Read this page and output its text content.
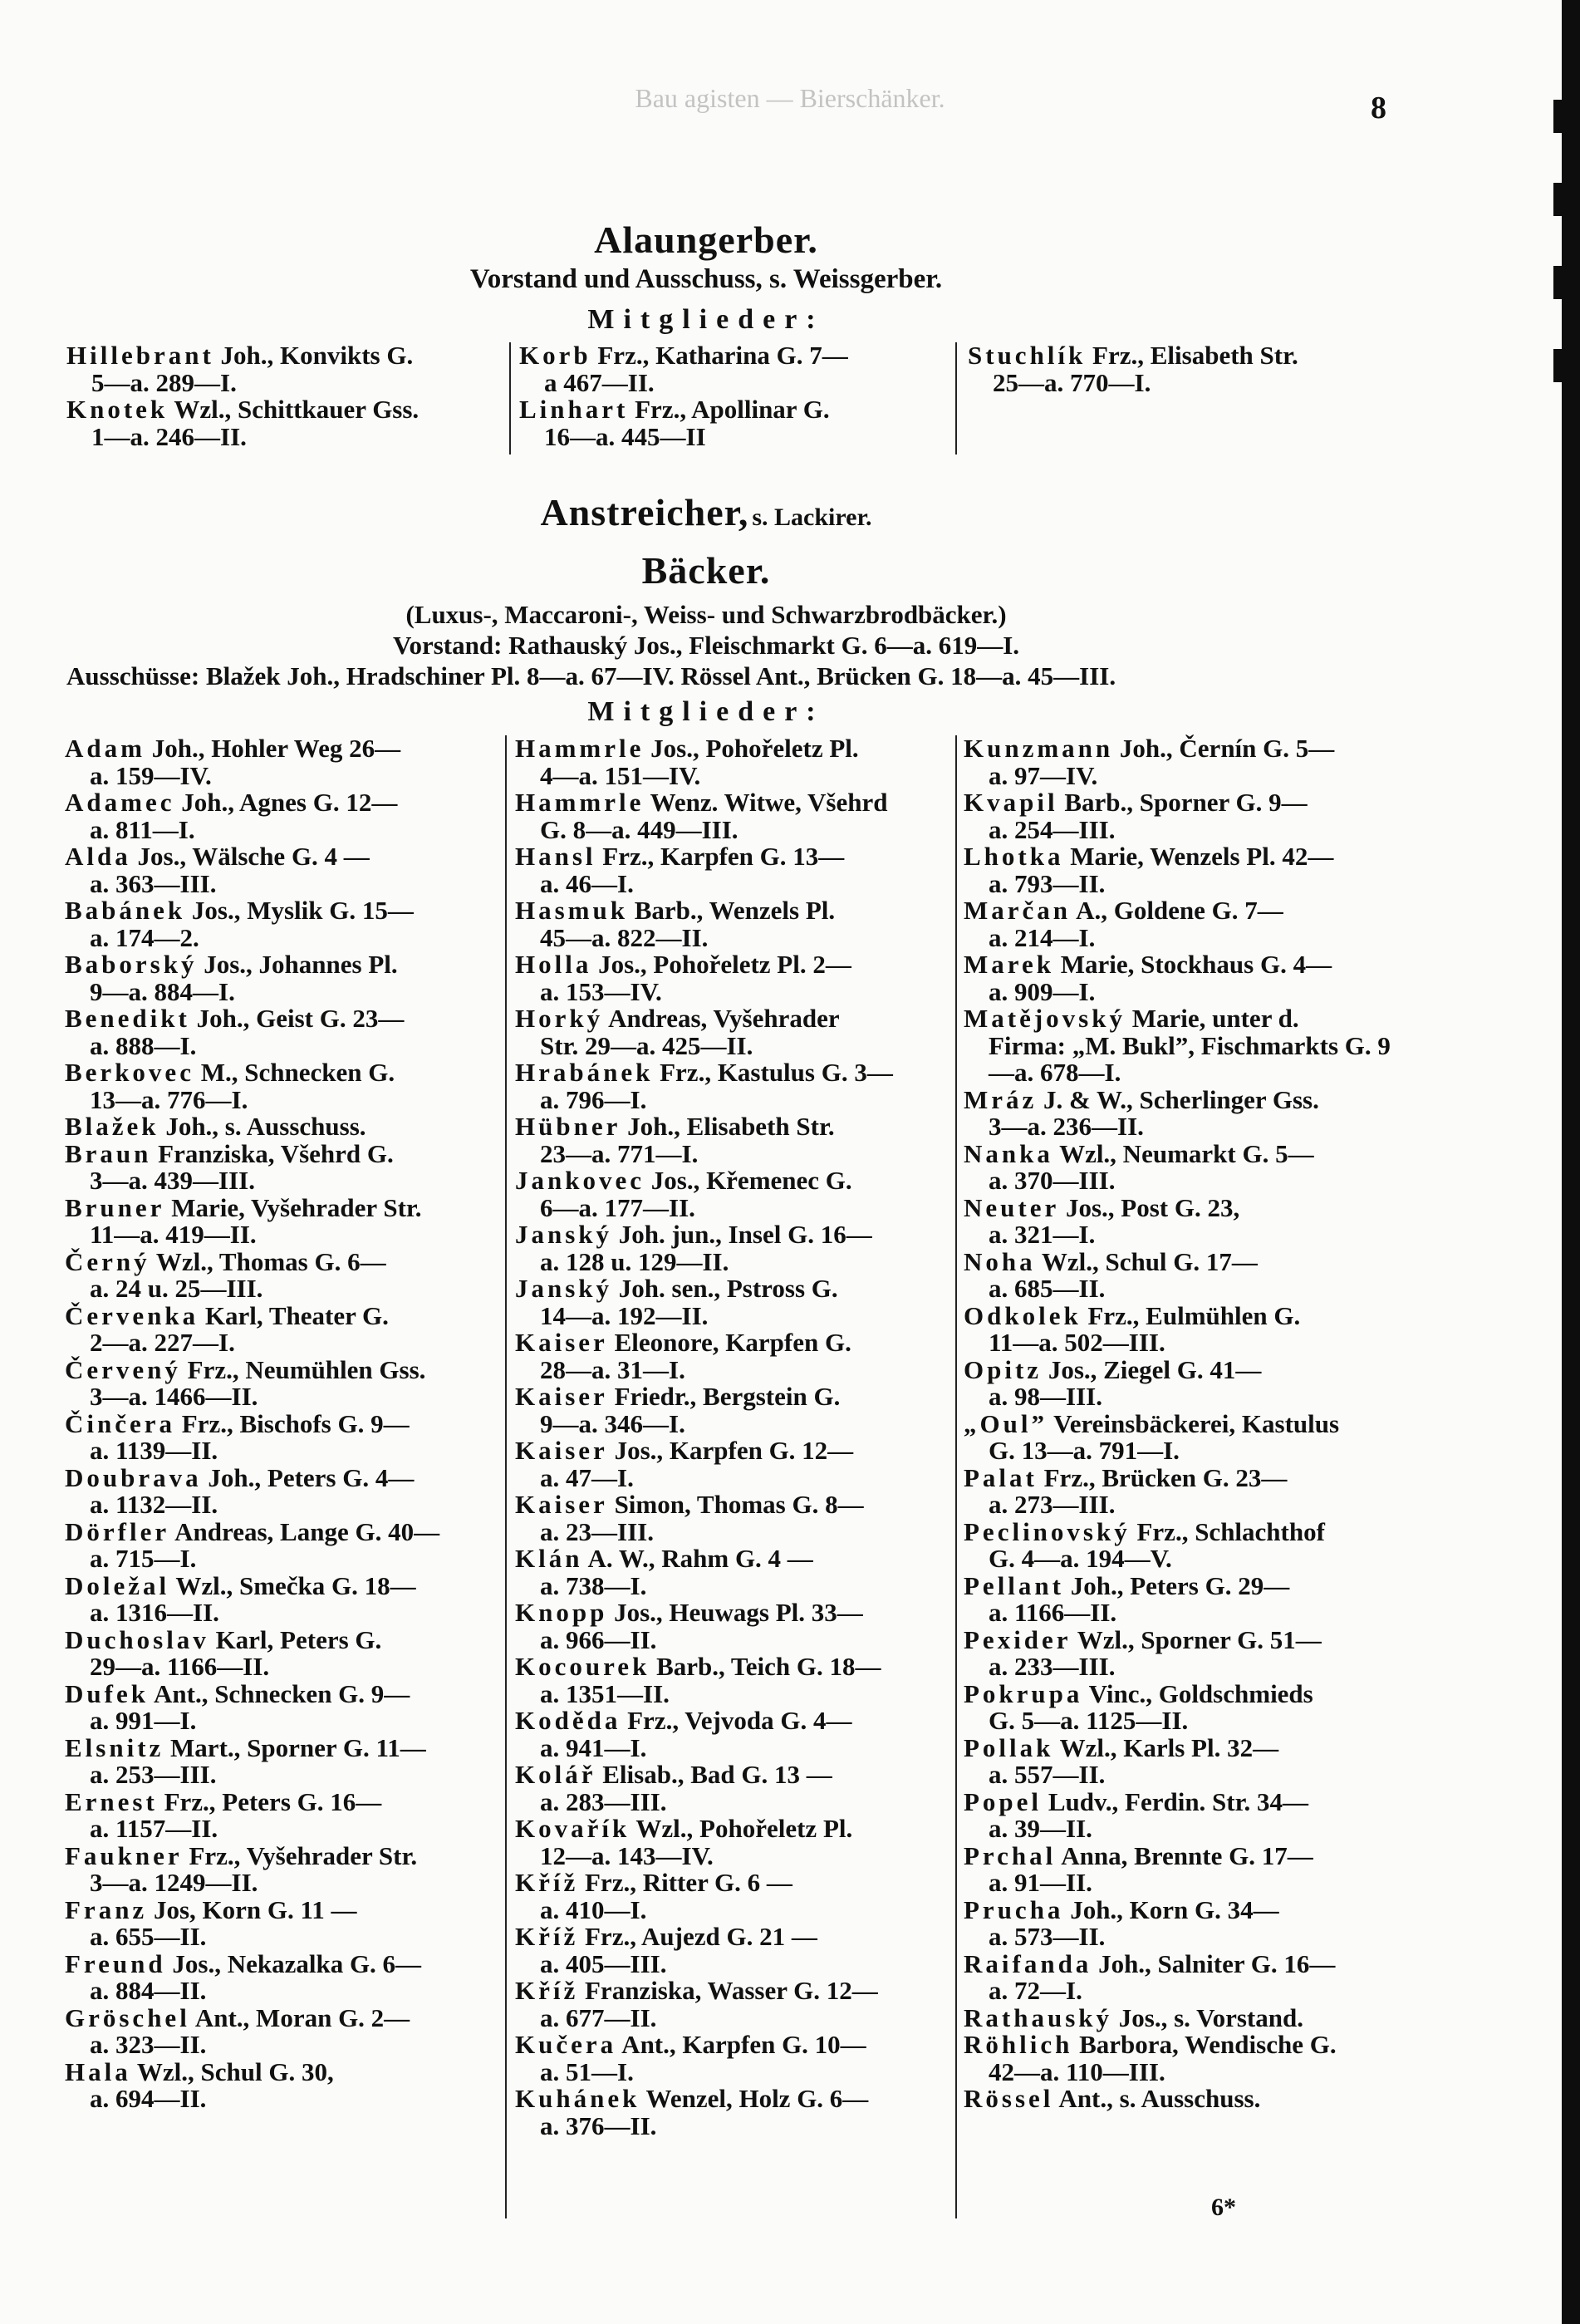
Bau agisten — Bierschänker.	8
Alaungerber.
Vorstand und Ausschuss, s. Weissgerber.
Mitglieder:

Hillebrant Joh., Konvikts G.

5—a. 289—I.

Knotek Wzl., Schittkauer Gss.

1—a. 246—II.

Korb Frz., Katharina G. 7—

a 467—II.

Linhart Frz., Apollinar G.

16—a. 445—II

Stuchlík Frz., Elisabeth Str.

25—a. 770—I.

Anstreicher, s. Lackirer.
Bäcker.
(Luxus-, Maccaroni-, Weiss- und Schwarzbrodbäcker.)
Vorstand: Rathauský Jos., Fleischmarkt G. 6—a. 619—I.
Ausschüsse: Blažek Joh., Hradschiner Pl. 8—a. 67—IV. Rössel Ant., Brücken G. 18—a. 45—III.
Mitglieder:

Adam Joh., Hohler Weg 26—

a. 159—IV.

Adamec Joh., Agnes G. 12—

a. 811—I.

Alda Jos., Wälsche G. 4 —

a. 363—III.

Babánek Jos., Myslik G. 15—

a. 174—2.

Baborský Jos., Johannes Pl.

9—a. 884—I.

Benedikt Joh., Geist G. 23—

a. 888—I.

Berkovec M., Schnecken G.

13—a. 776—I.

Blažek Joh., s. Ausschuss.

Braun Franziska, Všehrd G.

3—a. 439—III.

Bruner Marie, Vyšehrader Str.

11—a. 419—II.

Černý Wzl., Thomas G. 6—

a. 24 u. 25—III.

Červenka Karl, Theater G.

2—a. 227—I.

Červený Frz., Neumühlen Gss.

3—a. 1466—II.

Činčera Frz., Bischofs G. 9—

a. 1139—II.

Doubrava Joh., Peters G. 4—

a. 1132—II.

Dörfler Andreas, Lange G. 40—

a. 715—I.

Doležal Wzl., Smečka G. 18—

a. 1316—II.

Duchoslav Karl, Peters G.

29—a. 1166—II.

Dufek Ant., Schnecken G. 9—

a. 991—I.

Elsnitz Mart., Sporner G. 11—

a. 253—III.

Ernest Frz., Peters G. 16—

a. 1157—II.

Faukner Frz., Vyšehrader Str.

3—a. 1249—II.

Franz Jos, Korn G. 11 —

a. 655—II.

Freund Jos., Nekazalka G. 6—

a. 884—II.

Gröschel Ant., Moran G. 2—

a. 323—II.

Hala Wzl., Schul G. 30,

a. 694—II.

Hammrle Jos., Pohořeletz Pl.

4—a. 151—IV.

Hammrle Wenz. Witwe, Všehrd

G. 8—a. 449—III.

Hansl Frz., Karpfen G. 13—

a. 46—I.

Hasmuk Barb., Wenzels Pl.

45—a. 822—II.

Holla Jos., Pohořeletz Pl. 2—

a. 153—IV.

Horký Andreas, Vyšehrader

Str. 29—a. 425—II.

Hrabánek Frz., Kastulus G. 3—

a. 796—I.

Hübner Joh., Elisabeth Str.

23—a. 771—I.

Jankovec Jos., Křemenec G.

6—a. 177—II.

Janský Joh. jun., Insel G. 16—

a. 128 u. 129—II.

Janský Joh. sen., Pstross G.

14—a. 192—II.

Kaiser Eleonore, Karpfen G.

28—a. 31—I.

Kaiser Friedr., Bergstein G.

9—a. 346—I.

Kaiser Jos., Karpfen G. 12—

a. 47—I.

Kaiser Simon, Thomas G. 8—

a. 23—III.

Klán A. W., Rahm G. 4 —

a. 738—I.

Knopp Jos., Heuwags Pl. 33—

a. 966—II.

Kocourek Barb., Teich G. 18—

a. 1351—II.

Koděda Frz., Vejvoda G. 4—

a. 941—I.

Kolář Elisab., Bad G. 13 —

a. 283—III.

Kovařík Wzl., Pohořeletz Pl.

12—a. 143—IV.

Kříž Frz., Ritter G. 6 —

a. 410—I.

Kříž Frz., Aujezd G. 21 —

a. 405—III.

Kříž Franziska, Wasser G. 12—

a. 677—II.

Kučera Ant., Karpfen G. 10—

a. 51—I.

Kuhánek Wenzel, Holz G. 6—

a. 376—II.

Kunzmann Joh., Černín G. 5—

a. 97—IV.

Kvapil Barb., Sporner G. 9—

a. 254—III.

Lhotka Marie, Wenzels Pl. 42—

a. 793—II.

Marčan A., Goldene G. 7—

a. 214—I.

Marek Marie, Stockhaus G. 4—

a. 909—I.

Matějovský Marie, unter d.

Firma: „M. Bukl”, Fischmarkts G. 9—a. 678—I.

Mráz J. & W., Scherlinger Gss.

3—a. 236—II.

Nanka Wzl., Neumarkt G. 5—

a. 370—III.

Neuter Jos., Post G. 23,

a. 321—I.

Noha Wzl., Schul G. 17—

a. 685—II.

Odkolek Frz., Eulmühlen G.

11—a. 502—III.

Opitz Jos., Ziegel G. 41—

a. 98—III.

„Oul” Vereinsbäckerei, Kastulus

G. 13—a. 791—I.

Palat Frz., Brücken G. 23—

a. 273—III.

Peclinovský Frz., Schlachthof

G. 4—a. 194—V.

Pellant Joh., Peters G. 29—

a. 1166—II.

Pexider Wzl., Sporner G. 51—

a. 233—III.

Pokrupa Vinc., Goldschmieds

G. 5—a. 1125—II.

Pollak Wzl., Karls Pl. 32—

a. 557—II.

Popel Ludv., Ferdin. Str. 34—

a. 39—II.

Prchal Anna, Brennte G. 17—

a. 91—II.

Prucha Joh., Korn G. 34—

a. 573—II.

Raifanda Joh., Salniter G. 16—

a. 72—I.

Rathauský Jos., s. Vorstand.

Röhlich Barbora, Wendische G.

42—a. 110—III.

Rössel Ant., s. Ausschuss.

6*
